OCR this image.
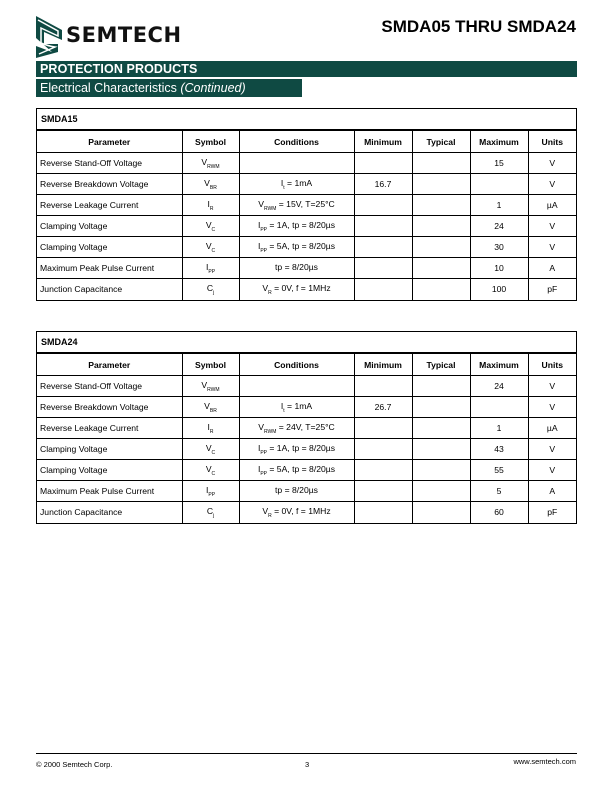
SEMTECH	SMDA05 THRU SMDA24
PROTECTION PRODUCTS
Electrical Characteristics (Continued)
SMDA15
Parameter	Symbol	Conditions	Minimum	Typical	Maximum	Units
Reverse Stand-Off Voltage	$V_{RWM}$				15	V
Reverse Breakdown Voltage	$V_{BR}$	$I_t = 1mA$	16.7			V
Reverse Leakage Current	$I_R$	$V_{RWM} = 15V$, T=25°C			1	µA
Clamping Voltage	$V_C$	$I_{PP} = 1A$, tp = 8/20µs			24	V
Clamping Voltage	$V_C$	$I_{PP} = 5A$, tp = 8/20µs			30	V
Maximum Peak Pulse Current	$I_{PP}$	tp = 8/20µs			10	A
Junction Capacitance	$C_j$	$V_R = 0V$, f = 1MHz			100	pF
SMDA24
Parameter	Symbol	Conditions	Minimum	Typical	Maximum	Units
Reverse Stand-Off Voltage	$V_{RWM}$				24	V
Reverse Breakdown Voltage	$V_{BR}$	$I_t = 1mA$	26.7			V
Reverse Leakage Current	$I_R$	$V_{RWM} = 24V$, T=25°C			1	µA
Clamping Voltage	$V_C$	$I_{PP} = 1A$, tp = 8/20µs			43	V
Clamping Voltage	$V_C$	$I_{PP} = 5A$, tp = 8/20µs			55	V
Maximum Peak Pulse Current	$I_{PP}$	tp = 8/20µs			5	A
Junction Capacitance	$C_j$	$V_R = 0V$, f = 1MHz			60	pF
© 2000 Semtech Corp.	3	www.semtech.com
